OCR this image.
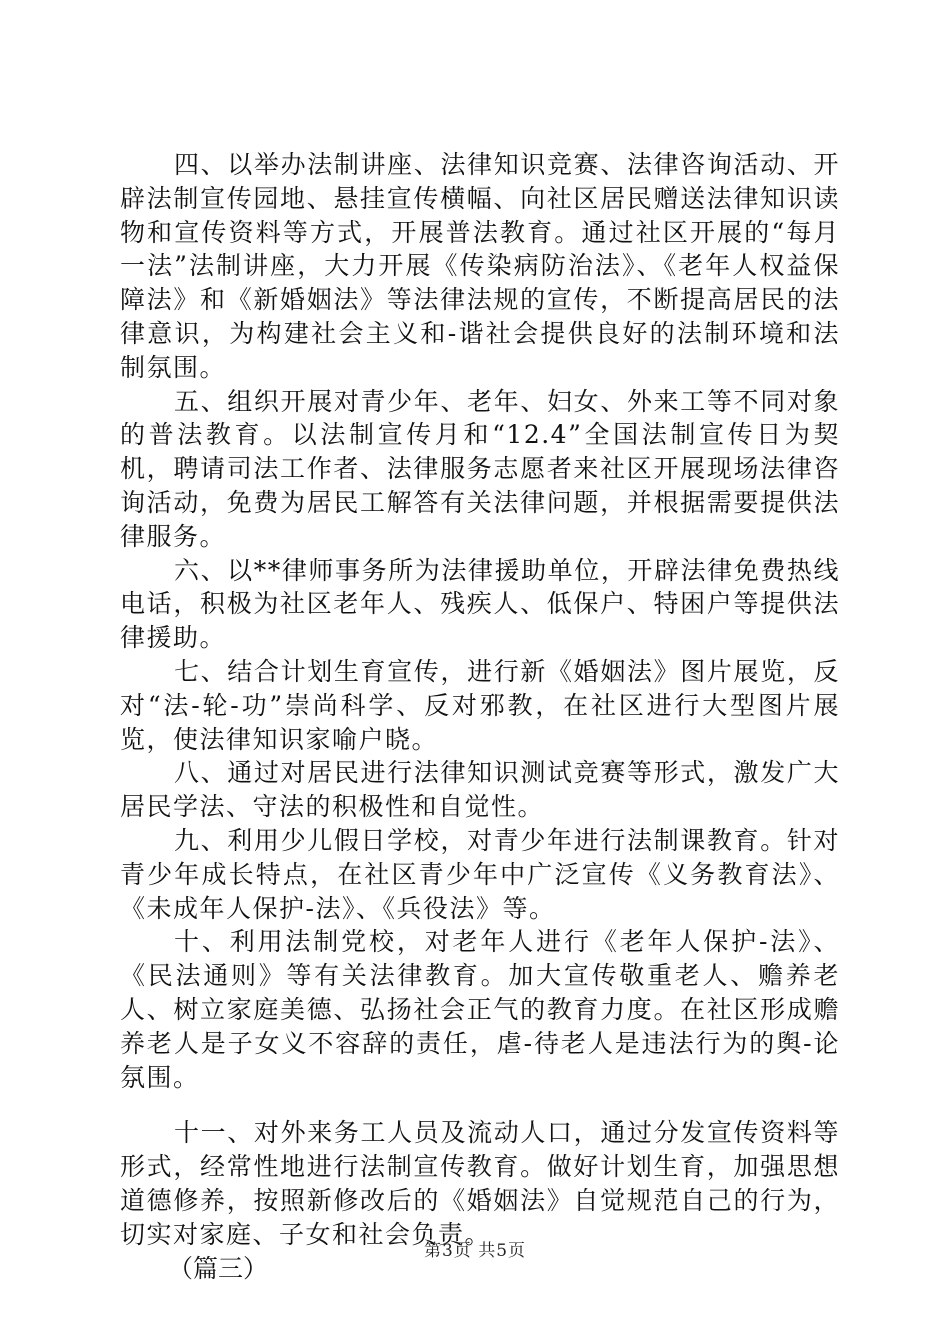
四、以举办法制讲座、法律知识竞赛、法律咨询活动、开辟法制宣传园地、悬挂宣传横幅、向社区居民赠送法律知识读物和宣传资料等方式，开展普法教育。通过社区开展的“每月一法”法制讲座，大力开展《传染病防治法》、《老年人权益保障法》和《新婚姻法》等法律法规的宣传，不断提高居民的法律意识，为构建社会主义和-谐社会提供良好的法制环境和法制氛围。

五、组织开展对青少年、老年、妇女、外来工等不同对象的普法教育。以法制宣传月和“12.4”全国法制宣传日为契机，聘请司法工作者、法律服务志愿者来社区开展现场法律咨询活动，免费为居民工解答有关法律问题，并根据需要提供法律服务。

六、以**律师事务所为法律援助单位，开辟法律免费热线电话，积极为社区老年人、残疾人、低保户、特困户等提供法律援助。

七、结合计划生育宣传，进行新《婚姻法》图片展览，反对“法-轮-功”崇尚科学、反对邪教，在社区进行大型图片展览，使法律知识家喻户晓。

八、通过对居民进行法律知识测试竞赛等形式，激发广大居民学法、守法的积极性和自觉性。

九、利用少儿假日学校，对青少年进行法制课教育。针对青少年成长特点，在社区青少年中广泛宣传《义务教育法》、《未成年人保护-法》、《兵役法》等。

十、利用法制党校，对老年人进行《老年人保护-法》、《民法通则》等有关法律教育。加大宣传敬重老人、赡养老人、树立家庭美德、弘扬社会正气的教育力度。在社区形成赡养老人是子女义不容辞的责任，虐-待老人是违法行为的舆-论氛围。

十一、对外来务工人员及流动人口，通过分发宣传资料等形式，经常性地进行法制宣传教育。做好计划生育，加强思想道德修养，按照新修改后的《婚姻法》自觉规范自己的行为，切实对家庭、子女和社会负责。

（篇三）

第3页 共5页
